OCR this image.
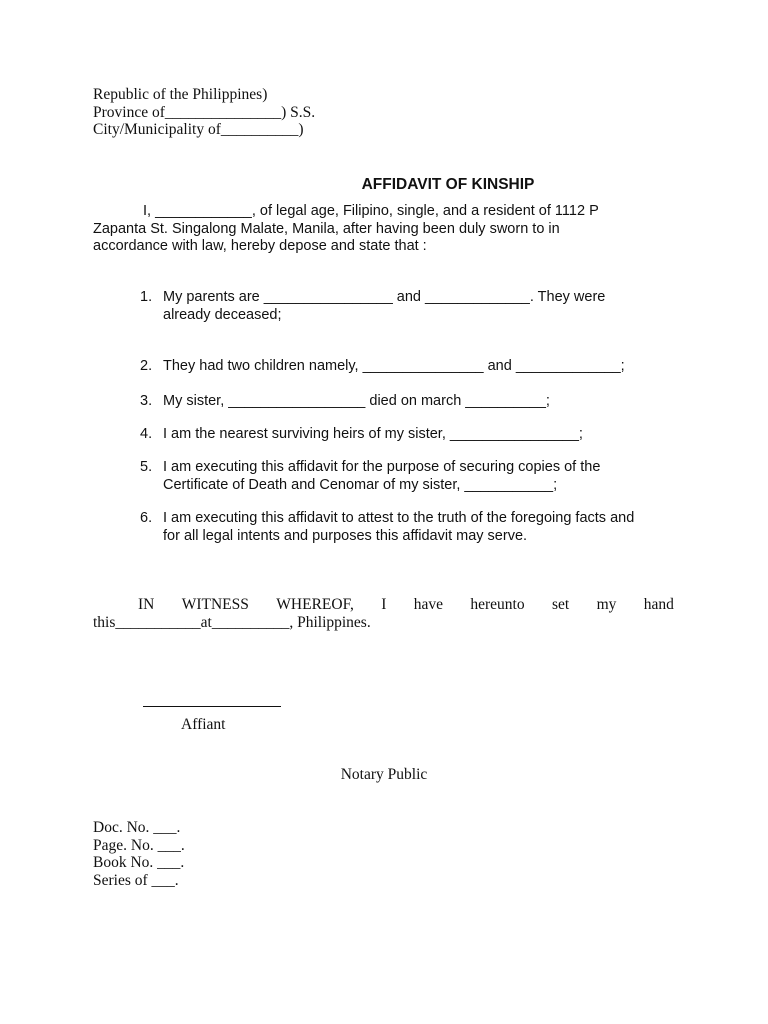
Republic of the Philippines)
Province of_______________) S.S.
City/Municipality of__________)
AFFIDAVIT OF KINSHIP
I, ____________, of legal age, Filipino, single, and a resident of 1112 P
Zapanta St. Singalong Malate, Manila, after having been duly sworn to in
accordance with law, hereby depose and state that :
1. My parents are ________________ and _____________. They were
already deceased;
2. They had two children namely, _______________ and _____________;
3. My sister, _________________ died on march __________;
4. I am the nearest surviving heirs of my sister, ________________;
5. I am executing this affidavit for the purpose of securing copies of the
Certificate of Death and Cenomar of my sister, ___________;
6. I am executing this affidavit to attest to the truth of the foregoing facts and
for all legal intents and purposes this affidavit may serve.
IN WITNESS WHEREOF, I have hereunto set my hand
this___________at__________, Philippines.
Affiant
Notary Public
Doc. No. ___.
Page. No. ___.
Book No. ___.
Series of ___.
